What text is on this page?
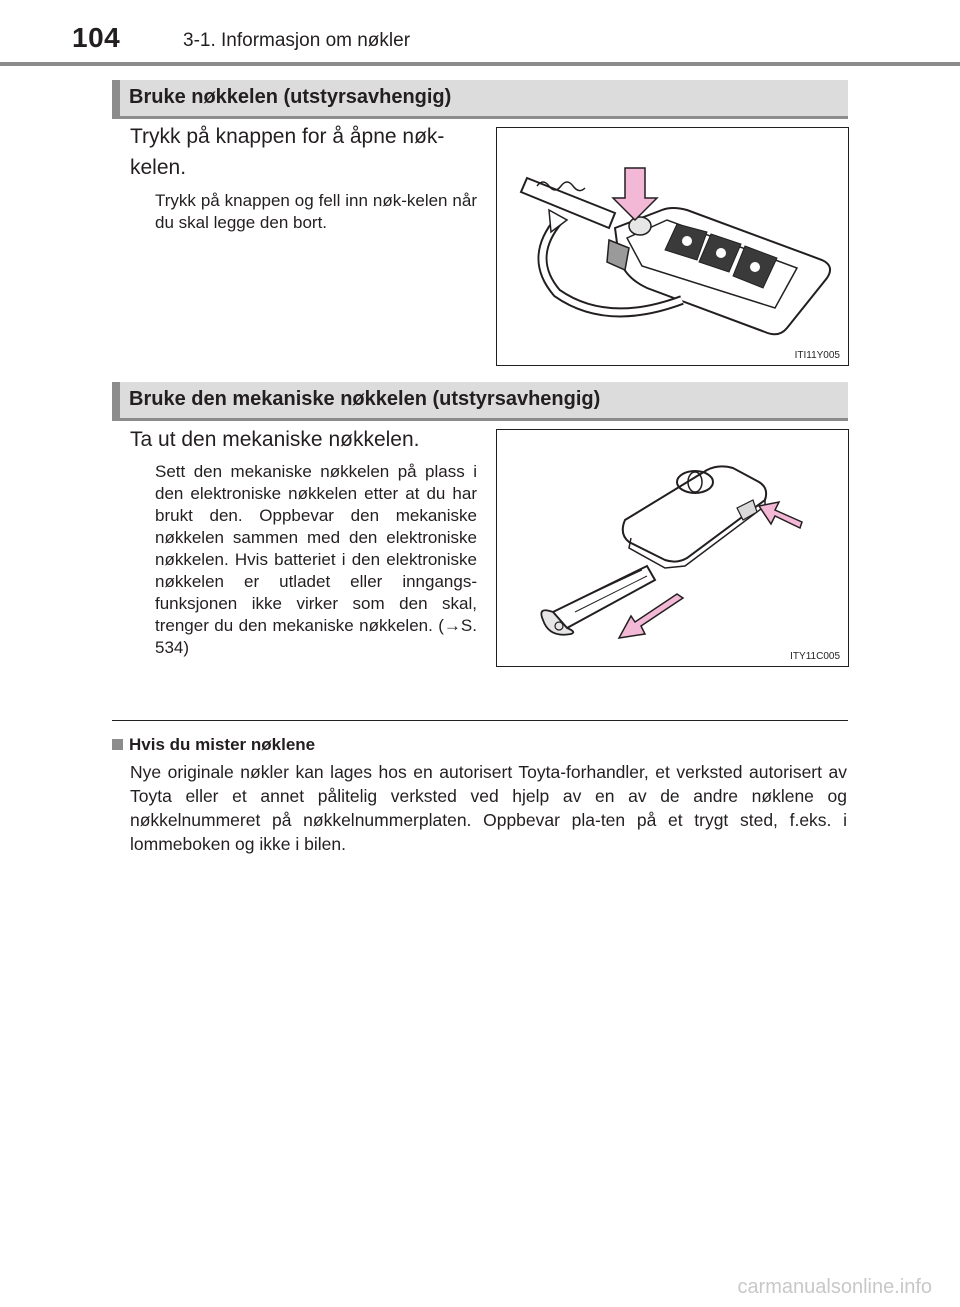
104	3-1. Informasjon om nøkler
Bruke nøkkelen (utstyrsavhengig)
Trykk på knappen for å åpne nøk-
kelen.
Trykk på knappen og fell inn nøk-kelen når du skal legge den bort.
ITI11Y005
Bruke den mekaniske nøkkelen (utstyrsavhengig)
Ta ut den mekaniske nøkkelen.
Sett den mekaniske nøkkelen på plass i den elektroniske nøkkelen etter at du har brukt den. Oppbevar den mekaniske nøkkelen sammen med den elektroniske nøkkelen. Hvis batteriet i den elektroniske nøkkelen er utladet eller inngangs-funksjonen ikke virker som den skal, trenger du den mekaniske nøkkelen. (→S. 534)	ITY11C005
Hvis du mister nøklene
Nye originale nøkler kan lages hos en autorisert Toyta-forhandler, et verksted autorisert av Toyta eller et annet pålitelig verksted ved hjelp av en av de andre nøklene og nøkkelnummeret på nøkkelnummerplaten. Oppbevar pla-ten på et trygt sted, f.eks. i lommeboken og ikke i bilen.
carmanualsonline.info
